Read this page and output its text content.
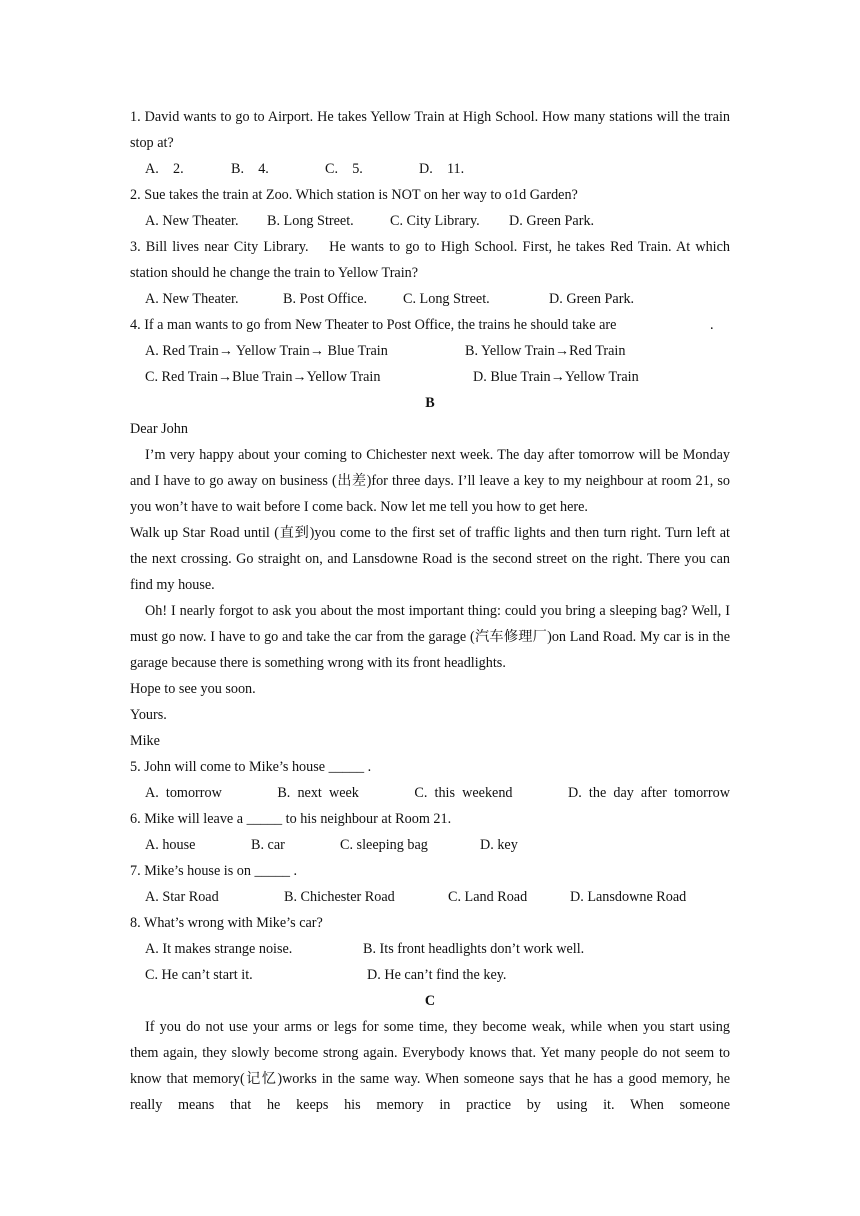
1. David wants to go to Airport. He takes Yellow Train at High School. How many stations will the train stop at?

A.    2.	B.    4.	C.    5.	D.    11.

2. Sue takes the train at Zoo. Which station is NOT on her way to o1d Garden?

A. New Theater.	B. Long Street.	C. City Library.	D. Green Park.

3. Bill lives near City Library.    He wants to go to High School. First, he takes Red Train. At which station should he change the train to Yellow Train?

A. New Theater.	B. Post Office.	C. Long Street.	D. Green Park.
4. If a man wants to go from New Theater to Post Office, the trains he should take are	.
A. Red Train→ Yellow Train→ Blue Train	B. Yellow Train→Red Train
C. Red Train→Blue Train→Yellow Train	D. Blue Train→Yellow Train

B

Dear John

I’m very happy about your coming to Chichester next week. The day after tomorrow will be Monday and I have to go away on business (出差)for three days. I’ll leave a key to my neighbour at room 21, so you won’t have to wait before I come back. Now let me tell you how to get here.

Walk up Star Road until (直到)you come to the first set of traffic lights and then turn right. Turn left at the next crossing. Go straight on, and Lansdowne Road is the second street on the right. There you can find my house.

Oh! I nearly forgot to ask you about the most important thing: could you bring a sleeping bag? Well, I must go now. I have to go and take the car from the garage (汽车修理厂)on Land Road. My car is in the garage because there is something wrong with its front headlights.

Hope to see you soon.

Yours.

Mike

5. John will come to Mike’s house _____ .

A.  tomorrow	B.  next  week	C.  this  weekend	D.  the  day  after  tomorrow

6. Mike will leave a _____ to his neighbour at Room 21.

A. house	B. car	C. sleeping bag	D. key

7. Mike’s house is on _____ .

A. Star Road	B. Chichester Road	C. Land Road	D. Lansdowne Road

8. What’s wrong with Mike’s car?

A. It makes strange noise.	B. Its front headlights don’t work well.
C. He can’t start it.	D. He can’t find the key.

C

If you do not use your arms or legs for some time, they become weak, while when you start using them again, they slowly become strong again. Everybody knows that. Yet many people do not seem to know that memory(记忆)works in the same way. When someone says that he has a good memory, he really means that he keeps his memory in practice by using it. When someone
